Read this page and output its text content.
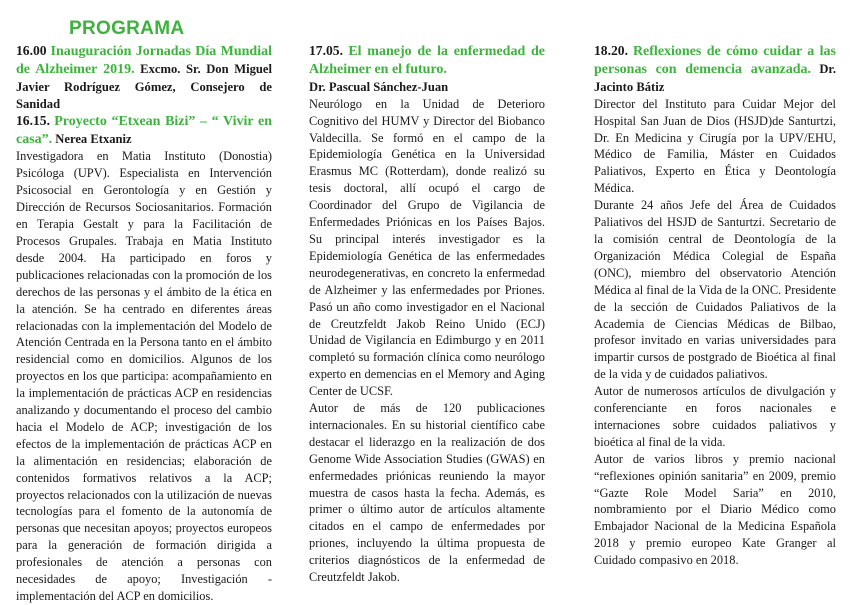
PROGRAMA

16.00 Inauguración Jornadas Día Mundial de Alzheimer 2019. Excmo. Sr. Don Miguel Javier Rodríguez Gómez, Consejero de Sanidad

16.15. Proyecto “Etxean Bizi” – “ Vivir en casa”. Nerea Etxaniz

Investigadora en Matia Instituto (Donostia) Psicóloga (UPV). Especialista en Intervención Psicosocial en Gerontología y en Gestión y Dirección de Recursos Sociosanitarios. Formación en Terapia Gestalt y para la Facilitación de Procesos Grupales. Trabaja en Matia Instituto desde 2004. Ha participado en foros y publicaciones relacionadas con la promoción de los derechos de las personas y el ámbito de la ética en la atención. Se ha centrado en diferentes áreas relacionadas con la implementación del Modelo de Atención Centrada en la Persona tanto en el ámbito residencial como en domicilios. Algunos de los proyectos en los que participa: acompañamiento en la implementación de prácticas ACP en residencias analizando y documentando el proceso del cambio hacia el Modelo de ACP; investigación de los efectos de la implementación de prácticas ACP en la alimentación en residencias; elaboración de contenidos formativos relativos a la ACP; proyectos relacionados con la utilización de nuevas tecnologías para el fomento de la autonomía de personas que necesitan apoyos; proyectos europeos para la generación de formación dirigida a profesionales de atención a personas con necesidades de apoyo; Investigación - implementación del ACP en domicilios.

17.05. El manejo de la enfermedad de Alzheimer en el futuro.

Dr. Pascual Sánchez-Juan

Neurólogo en la Unidad de Deterioro Cognitivo del HUMV y Director del Biobanco Valdecilla. Se formó en el campo de la Epidemiología Genética en la Universidad Erasmus MC (Rotterdam), donde realizó su tesis doctoral, allí ocupó el cargo de Coordinador del Grupo de Vigilancia de Enfermedades Priónicas en los Países Bajos. Su principal interés investigador es la Epidemiología Genética de las enfermedades neurodegenerativas, en concreto la enfermedad de Alzheimer y las enfermedades por Priones. Pasó un año como investigador en el Nacional de Creutzfeldt Jakob Reino Unido (ECJ) Unidad de Vigilancia en Edimburgo y en 2011 completó su formación clínica como neurólogo experto en demencias en el Memory and Aging Center de UCSF.

Autor de más de 120 publicaciones internacionales. En su historial científico cabe destacar el liderazgo en la realización de dos Genome Wide Association Studies (GWAS) en enfermedades priónicas reuniendo la mayor muestra de casos hasta la fecha. Además, es primer o último autor de artículos altamente citados en el campo de enfermedades por priones, incluyendo la última propuesta de criterios diagnósticos de la enfermedad de Creutzfeldt Jakob.

18.20. Reflexiones de cómo cuidar a las personas con demencia avanzada. Dr. Jacinto Bátiz

Director del Instituto para Cuidar Mejor del Hospital San Juan de Dios (HSJD)de Santurtzi, Dr. En Medicina y Cirugía por la UPV/EHU, Médico de Familia, Máster en Cuidados Paliativos, Experto en Ética y Deontología Médica.

Durante 24 años Jefe del Área de Cuidados Paliativos del HSJD de Santurtzi. Secretario de la comisión central de Deontología de la Organización Médica Colegial de España (ONC), miembro del observatorio Atención Médica al final de la Vida de la ONC. Presidente de la sección de Cuidados Paliativos de la Academia de Ciencias Médicas de Bilbao, profesor invitado en varias universidades para impartir cursos de postgrado de Bioética al final de la vida y de cuidados paliativos.

Autor de numerosos artículos de divulgación y conferenciante en foros nacionales e internaciones sobre cuidados paliativos y bioética al final de la vida.

Autor de varios libros y premio nacional “reflexiones opinión sanitaria” en 2009, premio “Gazte Role Model Saria” en 2010, nombramiento por el Diario Médico como Embajador Nacional de la Medicina Española 2018 y premio europeo Kate Granger al Cuidado compasivo en 2018.
